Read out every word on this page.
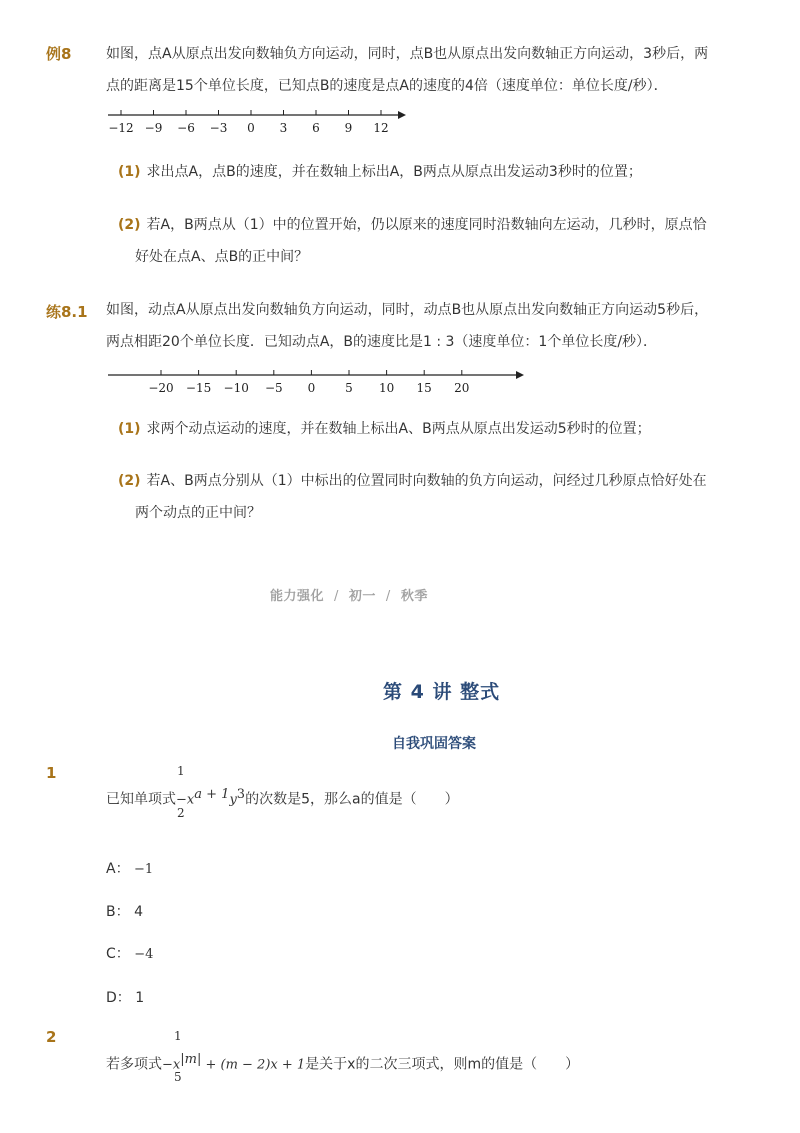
例8 如图，点A从原点出发向数轴负方向运动，同时，点B也从原点出发向数轴正方向运动，3秒后，两
点的距离是15个单位长度，已知点B的速度是点A的速度的4倍（速度单位：单位长度/秒）．
−12 −9 −6 −3 0 3 6 9 12
(1) 求出点A，点B的速度，并在数轴上标出A，B两点从原点出发运动3秒时的位置；
(2) 若A，B两点从（1）中的位置开始，仍以原来的速度同时沿数轴向左运动，几秒时，原点恰
好处在点A、点B的正中间？
练8.1 如图，动点A从原点出发向数轴负方向运动，同时，动点B也从原点出发向数轴正方向运动5秒后，
两点相距20个单位长度．已知动点A，B的速度比是1 : 3（速度单位：1个单位长度/秒）．
−20 −15 −10 −5 0 5 10 15 20
(1) 求两个动点运动的速度，并在数轴上标出A、B两点从原点出发运动5秒时的位置；
(2) 若A、B两点分别从（1）中标出的位置同时向数轴的负方向运动，问经过几秒原点恰好处在
两个动点的正中间？
能力强化 / 初一 / 秋季
第 4 讲 整式
自我巩固答案
1	1
2
已知单项式$-x^{a + 1}y^3$的次数是5，那么a的值是（　　）
A： −1
B： 4
C： −4
D： 1
2	1
5
若多项式$-x^{|m|} + (m - 2)x + 1$是关于x的二次三项式，则m的值是（　　）
